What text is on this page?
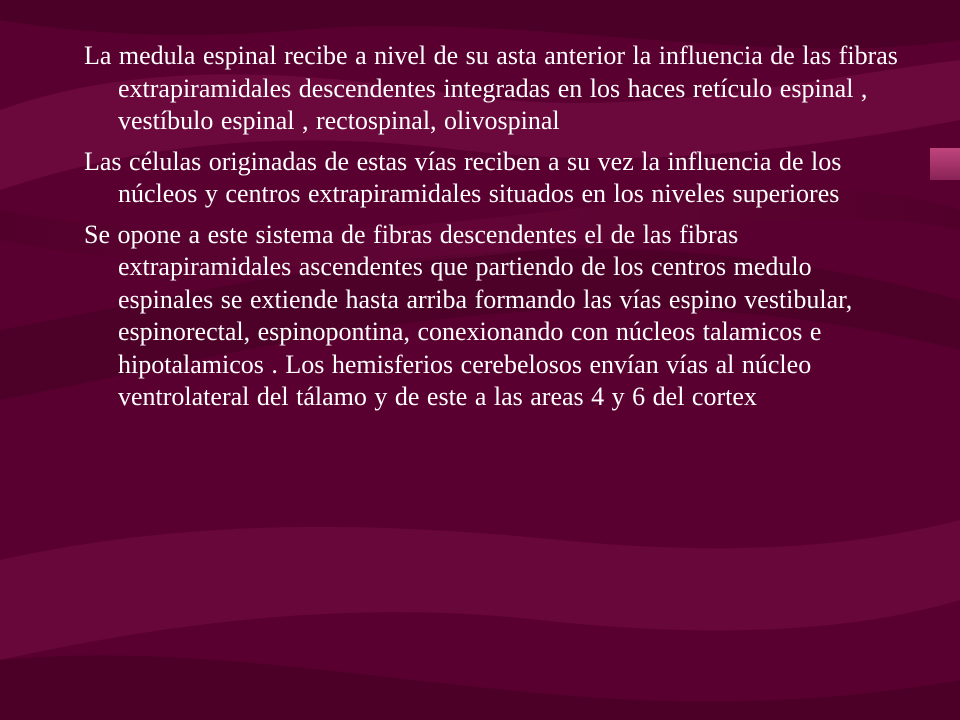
La medula espinal recibe a nivel de su asta anterior la influencia de las fibras extrapiramidales descendentes integradas en los haces retículo espinal , vestíbulo espinal , rectospinal, olivospinal

Las células originadas de estas vías reciben a su vez la influencia de los núcleos y centros extrapiramidales situados en los niveles superiores

Se opone a este sistema de fibras descendentes el de las fibras extrapiramidales ascendentes que partiendo de los centros medulo espinales se extiende hasta arriba formando las vías espino vestibular, espinorectal, espinopontina, conexionando con núcleos talamicos e hipotalamicos . Los hemisferios cerebelosos envían vías al núcleo ventrolateral del tálamo y de este a las areas 4 y 6 del cortex
